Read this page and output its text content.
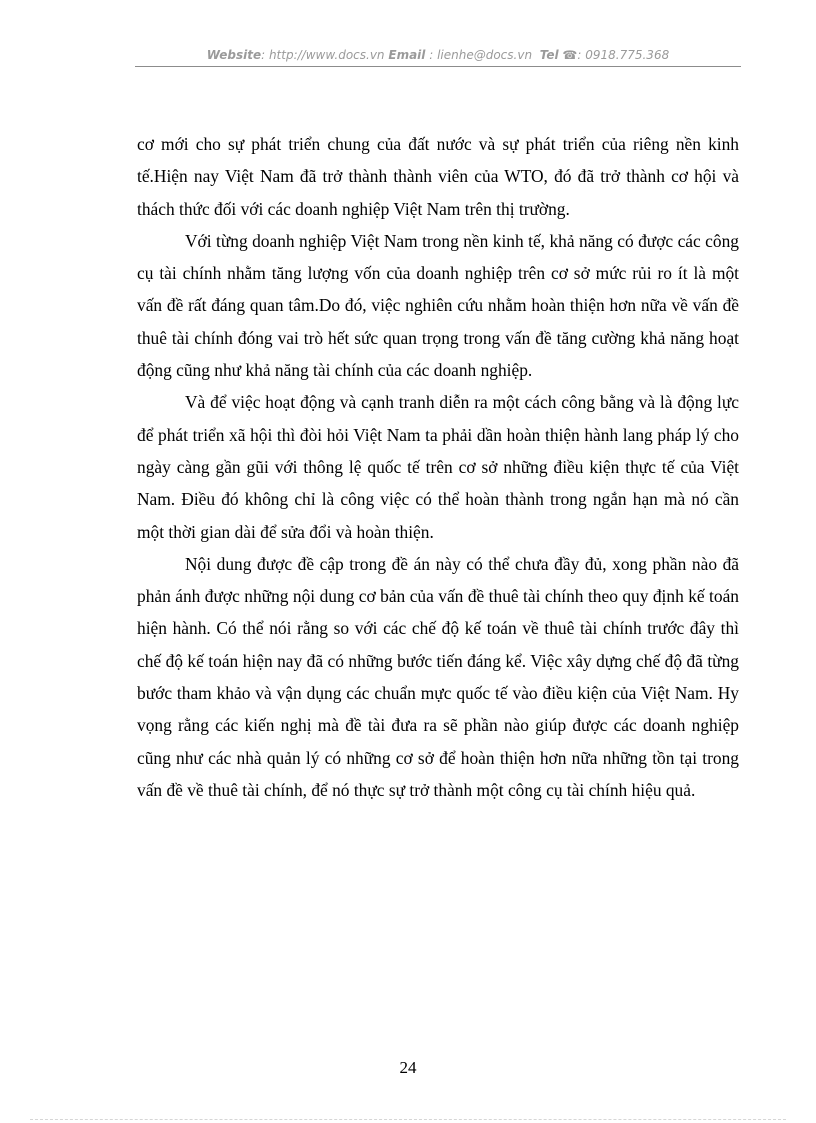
Website: http://www.docs.vn Email : lienhe@docs.vn Tel ☎: 0918.775.368

cơ mới cho sự phát triển chung của đất nước và sự phát triển của riêng nền kinh tế.Hiện nay Việt Nam đã trở thành thành viên của WTO, đó đã trở thành cơ hội và thách thức đối với các doanh nghiệp Việt Nam trên thị trường.

Với từng doanh nghiệp Việt Nam trong nền kinh tế, khả năng có được các công cụ tài chính nhằm tăng lượng vốn của doanh nghiệp trên cơ sở mức rủi ro ít là một vấn đề rất đáng quan tâm.Do đó, việc nghiên cứu nhằm hoàn thiện hơn nữa về vấn đề thuê tài chính đóng vai trò hết sức quan trọng trong vấn đề tăng cường khả năng hoạt động cũng như khả năng tài chính của các doanh nghiệp.

Và để việc hoạt động và cạnh tranh diễn ra một cách công bằng và là động lực để phát triển xã hội thì đòi hỏi Việt Nam ta phải dần hoàn thiện hành lang pháp lý cho ngày càng gần gũi với thông lệ quốc tế trên cơ sở những điều kiện thực tế của Việt Nam. Điều đó không chỉ là công việc có thể hoàn thành trong ngắn hạn mà nó cần một thời gian dài để sửa đổi và hoàn thiện.

Nội dung được đề cập trong đề án này có thể chưa đầy đủ, xong phần nào đã phản ánh được những nội dung cơ bản của vấn đề thuê tài chính theo quy định kế toán hiện hành. Có thể nói rằng so với các chế độ kế toán về thuê tài chính trước đây thì chế độ kế toán hiện nay đã có những bước tiến đáng kể. Việc xây dựng chế độ đã từng bước tham khảo và vận dụng các chuẩn mực quốc tế vào điều kiện của Việt Nam. Hy vọng rằng các kiến nghị mà đề tài đưa ra sẽ phần nào giúp được các doanh nghiệp cũng như các nhà quản lý có những cơ sở để hoàn thiện hơn nữa những tồn tại trong vấn đề về thuê tài chính, để nó thực sự trở thành một công cụ tài chính hiệu quả.

24
